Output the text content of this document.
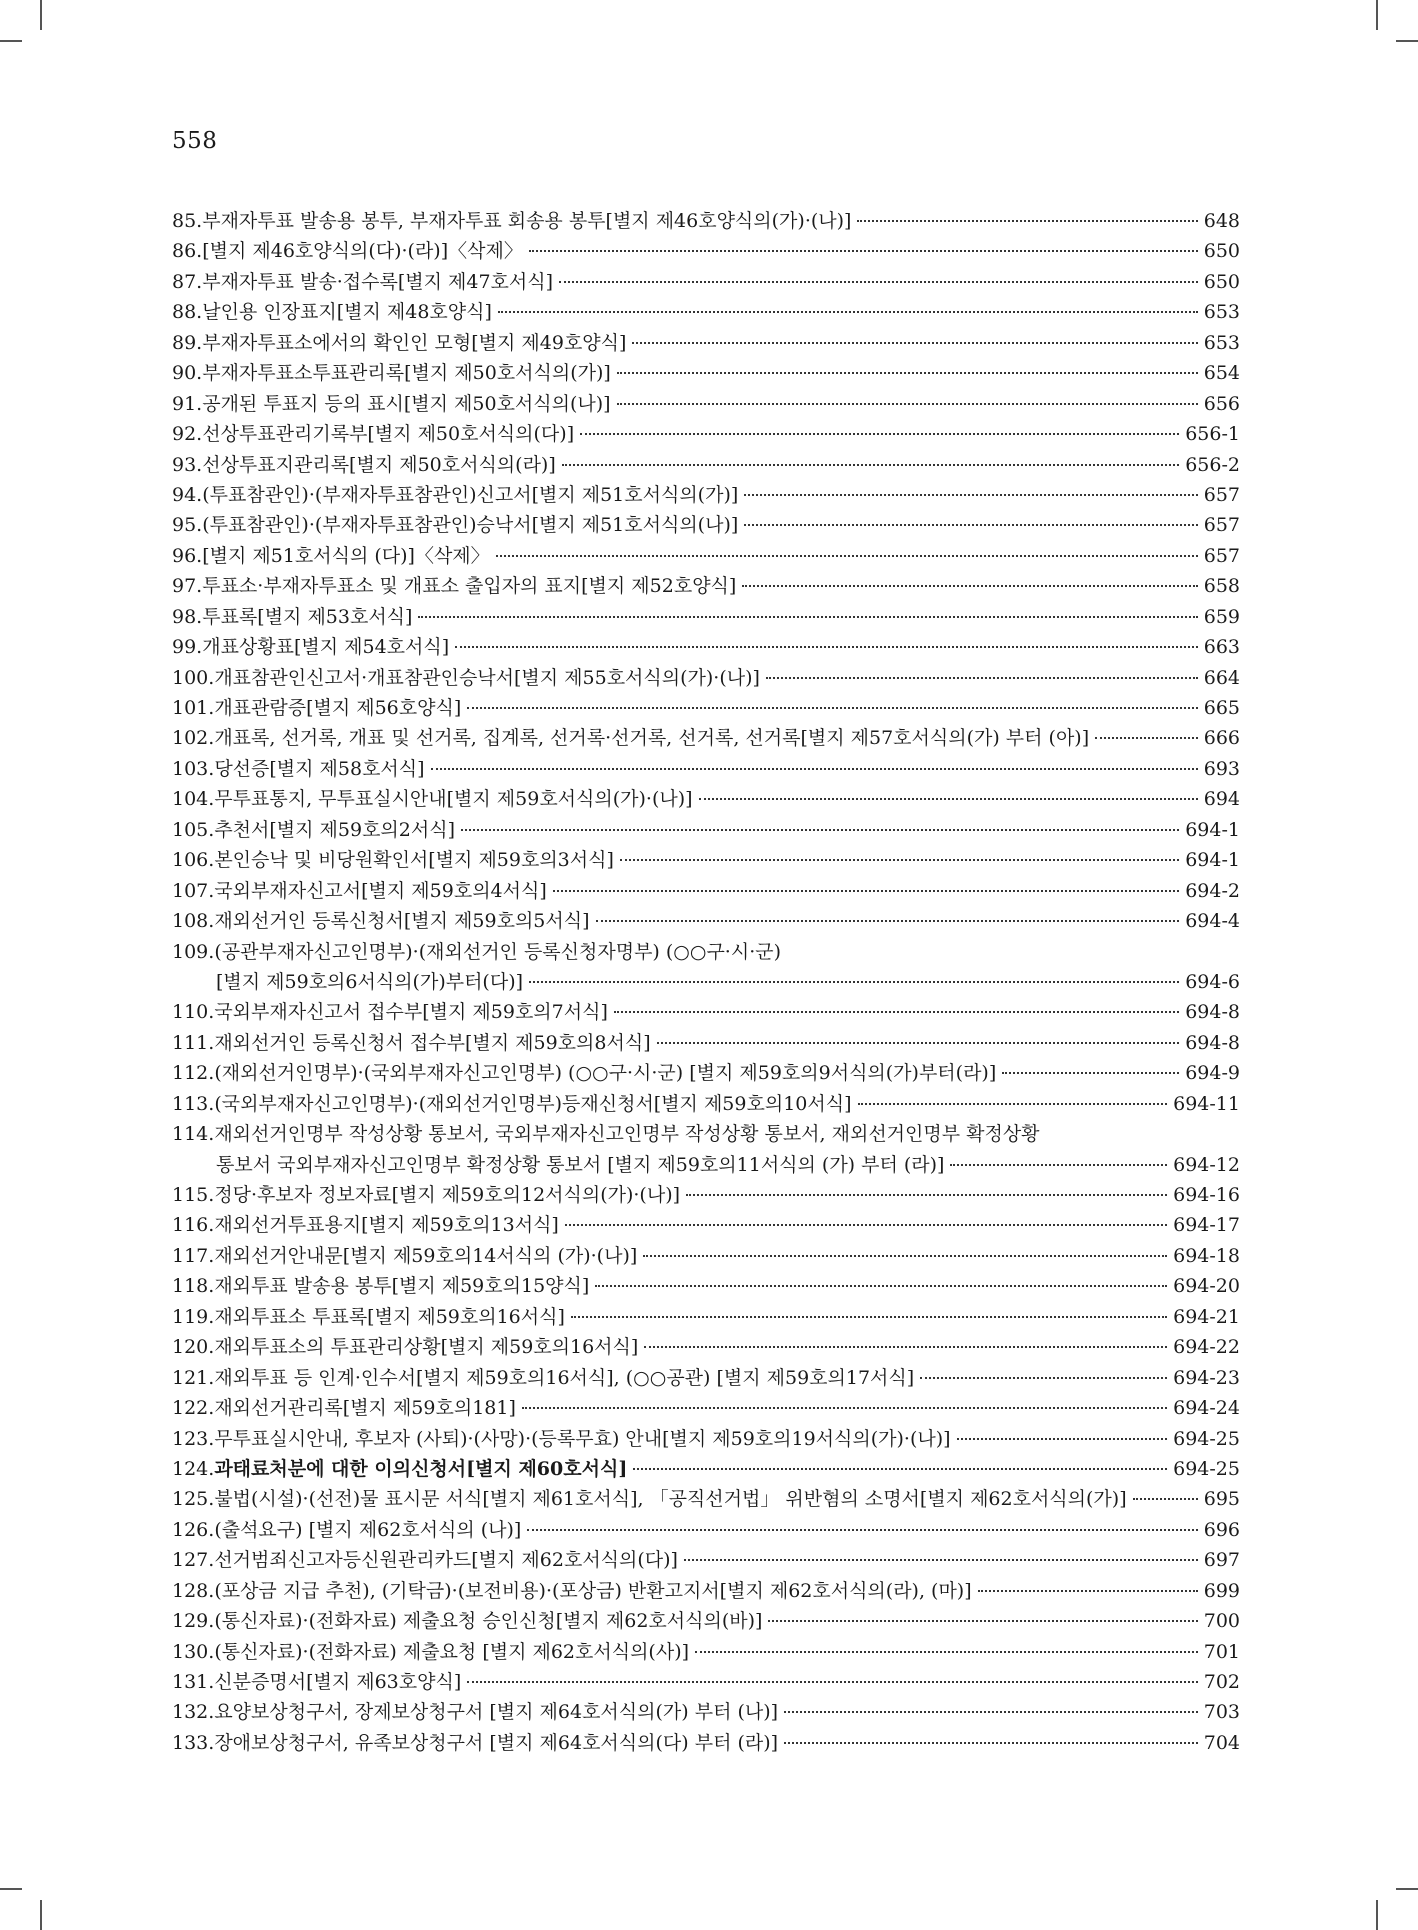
558
85. 부재자투표 발송용 봉투, 부재자투표 회송용 봉투[별지 제46호양식의(가)·(나)]	648
86. [별지 제46호양식의(다)·(라)]〈삭제〉	650
87. 부재자투표 발송·접수록[별지 제47호서식]	650
88. 날인용 인장표지[별지 제48호양식]	653
89. 부재자투표소에서의 확인인 모형[별지 제49호양식]	653
90. 부재자투표소투표관리록[별지 제50호서식의(가)]	654
91. 공개된 투표지 등의 표시[별지 제50호서식의(나)]	656
92. 선상투표관리기록부[별지 제50호서식의(다)]	656-1
93. 선상투표지관리록[별지 제50호서식의(라)]	656-2
94. (투표참관인)·(부재자투표참관인)신고서[별지 제51호서식의(가)]	657
95. (투표참관인)·(부재자투표참관인)승낙서[별지 제51호서식의(나)]	657
96. [별지 제51호서식의 (다)]〈삭제〉	657
97. 투표소·부재자투표소 및 개표소 출입자의 표지[별지 제52호양식]	658
98. 투표록[별지 제53호서식]	659
99. 개표상황표[별지 제54호서식]	663
100. 개표참관인신고서·개표참관인승낙서[별지 제55호서식의(가)·(나)]	664
101. 개표관람증[별지 제56호양식]	665
102. 개표록, 선거록, 개표 및 선거록, 집계록, 선거록·선거록, 선거록, 선거록[별지 제57호서식의(가) 부터 (아)]	666
103. 당선증[별지 제58호서식]	693
104. 무투표통지, 무투표실시안내[별지 제59호서식의(가)·(나)]	694
105. 추천서[별지 제59호의2서식]	694-1
106. 본인승낙 및 비당원확인서[별지 제59호의3서식]	694-1
107. 국외부재자신고서[별지 제59호의4서식]	694-2
108. 재외선거인 등록신청서[별지 제59호의5서식]	694-4
109. (공관부재자신고인명부)·(재외선거인 등록신청자명부) (○○구·시·군)
[별지 제59호의6서식의(가)부터(다)]	694-6
110. 국외부재자신고서 접수부[별지 제59호의7서식]	694-8
111. 재외선거인 등록신청서 접수부[별지 제59호의8서식]	694-8
112. (재외선거인명부)·(국외부재자신고인명부) (○○구·시·군) [별지 제59호의9서식의(가)부터(라)]	694-9
113. (국외부재자신고인명부)·(재외선거인명부)등재신청서[별지 제59호의10서식]	694-11
114. 재외선거인명부 작성상황 통보서, 국외부재자신고인명부 작성상황 통보서, 재외선거인명부 확정상황
통보서 국외부재자신고인명부 확정상황 통보서 [별지 제59호의11서식의 (가) 부터 (라)]	694-12
115. 정당·후보자 정보자료[별지 제59호의12서식의(가)·(나)]	694-16
116. 재외선거투표용지[별지 제59호의13서식]	694-17
117. 재외선거안내문[별지 제59호의14서식의 (가)·(나)]	694-18
118. 재외투표 발송용 봉투[별지 제59호의15양식]	694-20
119. 재외투표소 투표록[별지 제59호의16서식]	694-21
120. 재외투표소의 투표관리상황[별지 제59호의16서식]	694-22
121. 재외투표 등 인계·인수서[별지 제59호의16서식], (○○공관) [별지 제59호의17서식]	694-23
122. 재외선거관리록[별지 제59호의181]	694-24
123. 무투표실시안내, 후보자 (사퇴)·(사망)·(등록무효) 안내[별지 제59호의19서식의(가)·(나)]	694-25
124. 과태료처분에 대한 이의신청서[별지 제60호서식]	694-25
125. 불법(시설)·(선전)물 표시문 서식[별지 제61호서식], 「공직선거법」 위반혐의 소명서[별지 제62호서식의(가)]	695
126. (출석요구) [별지 제62호서식의 (나)]	696
127. 선거범죄신고자등신원관리카드[별지 제62호서식의(다)]	697
128. (포상금 지급 추천), (기탁금)·(보전비용)·(포상금) 반환고지서[별지 제62호서식의(라), (마)]	699
129. (통신자료)·(전화자료) 제출요청 승인신청[별지 제62호서식의(바)]	700
130. (통신자료)·(전화자료) 제출요청 [별지 제62호서식의(사)]	701
131. 신분증명서[별지 제63호양식]	702
132. 요양보상청구서, 장제보상청구서 [별지 제64호서식의(가) 부터 (나)]	703
133. 장애보상청구서, 유족보상청구서 [별지 제64호서식의(다) 부터 (라)]	704
